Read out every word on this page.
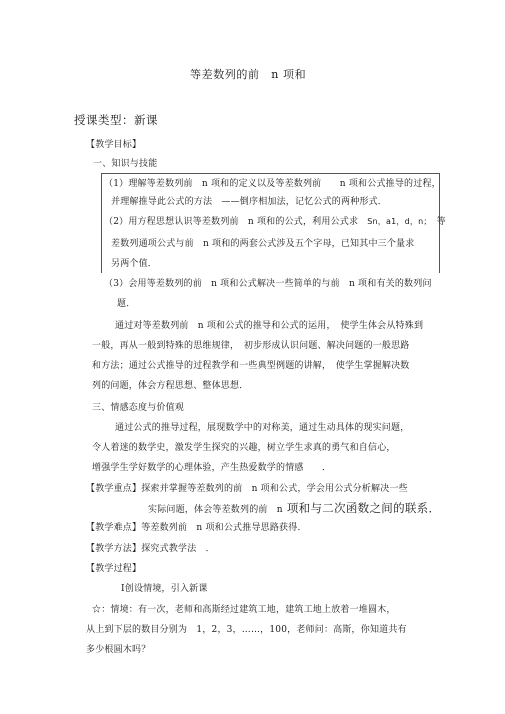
等差数列的前　n 项和
授课类型：新课
【教学目标】
一、知识与技能
（1）理解等差数列前　n 项和的定义以及等差数列前　　n 项和公式推导的过程，
并理解推导此公式的方法　——倒序相加法，记忆公式的两种形式．
（2）用方程思想认识等差数列前　n 项和的公式，利用公式求 Sn，a1，d，n； 等
差数列通项公式与前　n 项和的两套公式涉及五个字母，已知其中三个量求
另两个值．
（3）会用等差数列的前　n 项和公式解决一些简单的与前　n 项和有关的数列问
题．
通过对等差数列前　n 项和公式的推导和公式的运用，　使学生体会从特殊到
一般，再从一般到特殊的思维规律，　初步形成认识问题、解决问题的一般思路
和方法；通过公式推导的过程教学和一些典型例题的讲解，　使学生掌握解决数
列的问题，体会方程思想、整体思想．
三、情感态度与价值观
通过公式的推导过程，展现数学中的对称美，通过生动具体的现实问题，
令人着迷的数学史，激发学生探究的兴趣，树立学生求真的勇气和自信心，
增强学生学好数学的心理体验，产生热爱数学的情感　　．
【教学重点】探索并掌握等差数列的前　n 项和公式，学会用公式分析解决一些
实际问题，体会等差数列的前　n 项和与二次函数之间的联系．
【教学难点】等差数列前　n 项和公式推导思路获得．
【教学方法】探究式教学法　．
【教学过程】
Ⅰ创设情境，引入新课
☆：情境：有一次，老师和高斯经过建筑工地，建筑工地上放着一堆圆木，
从上到下层的数目分别为　1，2，3，……，100，老师问：高斯，你知道共有
多少根圆木吗？
